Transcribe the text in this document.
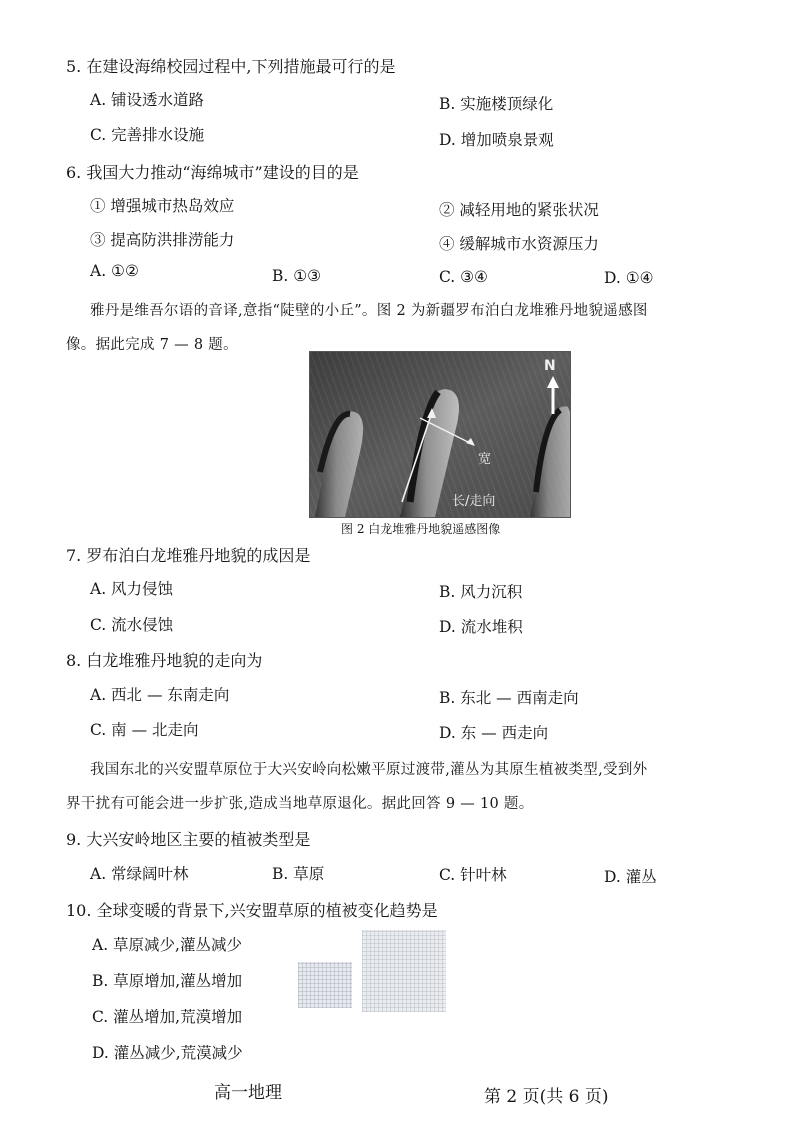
5. 在建设海绵校园过程中,下列措施最可行的是
A. 铺设透水道路	B. 实施楼顶绿化
C. 完善排水设施	D. 增加喷泉景观
6. 我国大力推动“海绵城市”建设的目的是
① 增强城市热岛效应	② 减轻用地的紧张状况
③ 提高防洪排涝能力	④ 缓解城市水资源压力
A. ①②	B. ①③	C. ③④	D. ①④
雅丹是维吾尔语的音译,意指“陡壁的小丘”。图 2 为新疆罗布泊白龙堆雅丹地貌遥感图
像。据此完成 7 — 8 题。
N
宽
长/走向
图 2 白龙堆雅丹地貌遥感图像
7. 罗布泊白龙堆雅丹地貌的成因是
A. 风力侵蚀	B. 风力沉积
C. 流水侵蚀	D. 流水堆积
8. 白龙堆雅丹地貌的走向为
A. 西北 — 东南走向	B. 东北 — 西南走向
C. 南 — 北走向	D. 东 — 西走向
我国东北的兴安盟草原位于大兴安岭向松嫩平原过渡带,灌丛为其原生植被类型,受到外
界干扰有可能会进一步扩张,造成当地草原退化。据此回答 9 — 10 题。
9. 大兴安岭地区主要的植被类型是
A. 常绿阔叶林	B. 草原	C. 针叶林	D. 灌丛
10. 全球变暖的背景下,兴安盟草原的植被变化趋势是
A. 草原减少,灌丛减少
B. 草原增加,灌丛增加
C. 灌丛增加,荒漠增加
D. 灌丛减少,荒漠减少
高一地理	第 2 页(共 6 页)
